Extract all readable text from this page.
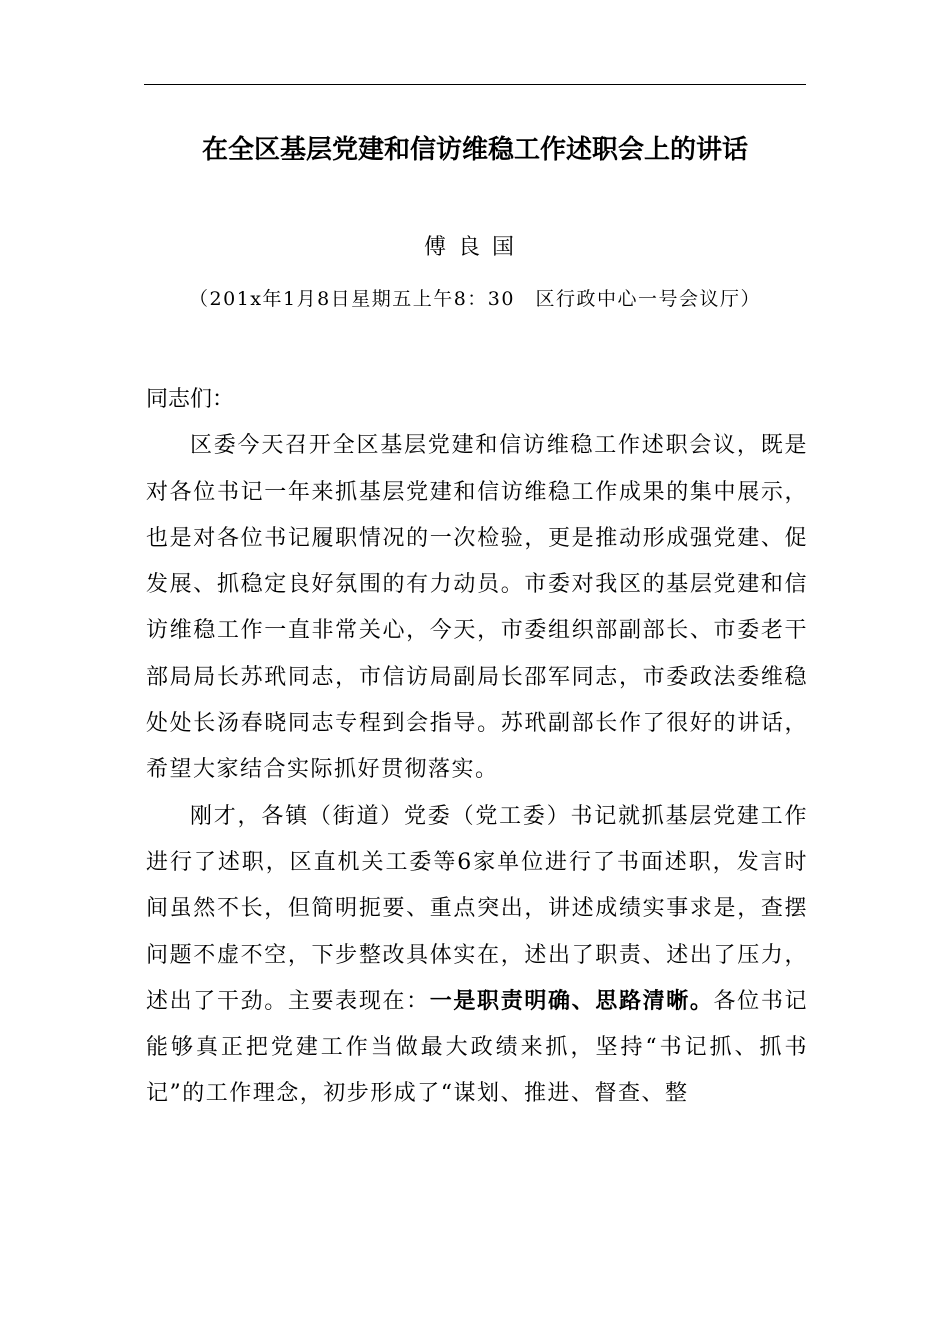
在全区基层党建和信访维稳工作述职会上的讲话
傅良国
（201x年1月8日星期五上午8：30　区行政中心一号会议厅）

同志们：

区委今天召开全区基层党建和信访维稳工作述职会议，既是对各位书记一年来抓基层党建和信访维稳工作成果的集中展示，也是对各位书记履职情况的一次检验，更是推动形成强党建、促发展、抓稳定良好氛围的有力动员。市委对我区的基层党建和信访维稳工作一直非常关心，今天，市委组织部副部长、市委老干部局局长苏玳同志，市信访局副局长邵军同志，市委政法委维稳处处长汤春晓同志专程到会指导。苏玳副部长作了很好的讲话，希望大家结合实际抓好贯彻落实。

刚才，各镇（街道）党委（党工委）书记就抓基层党建工作进行了述职，区直机关工委等6家单位进行了书面述职，发言时间虽然不长，但简明扼要、重点突出，讲述成绩实事求是，查摆问题不虚不空，下步整改具体实在，述出了职责、述出了压力，述出了干劲。主要表现在：一是职责明确、思路清晰。各位书记能够真正把党建工作当做最大政绩来抓，坚持“书记抓、抓书记”的工作理念，初步形成了“谋划、推进、督查、整
